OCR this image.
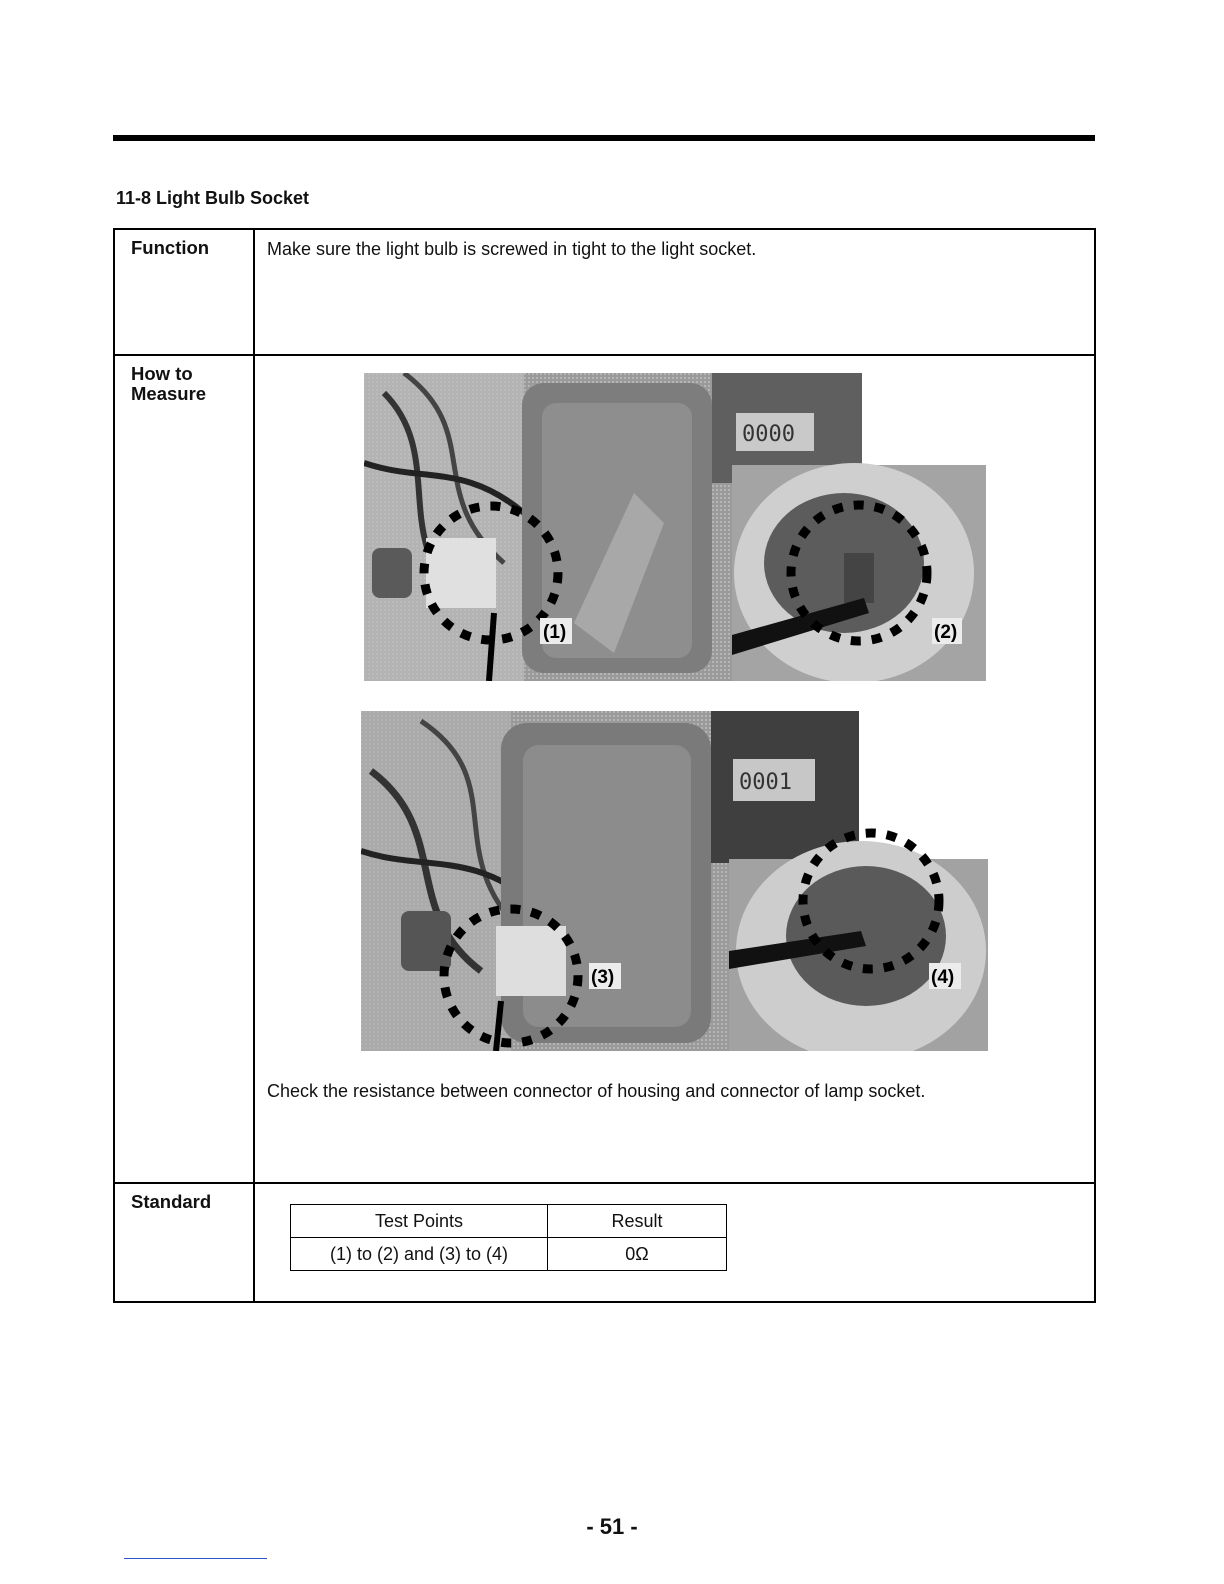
11-8 Light Bulb Socket
Function	Make sure the light bulb is screwed in tight to the light socket.

How to
Measure

0000
(1)	(2)
0001
(3)	(4)
Check the resistance between connector of housing and connector of lamp socket.

Standard	
Test Points	Result
(1) to (2) and (3) to (4)	0Ω
- 51 -
